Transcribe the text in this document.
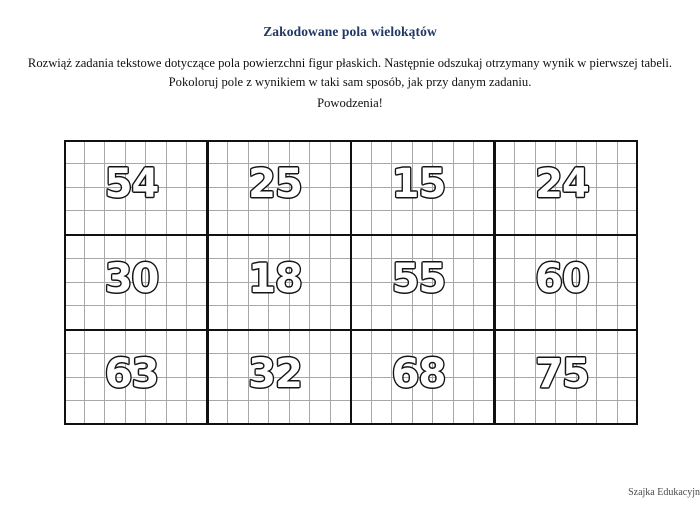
Zakodowane pola wielokątów
Rozwiąż zadania tekstowe dotyczące pola powierzchni figur płaskich. Następnie odszukaj otrzymany wynik w pierwszej tabeli. Pokoloruj pole z wynikiem w taki sam sposób, jak przy danym zadaniu.
Powodzenia!
54 25 15 24
30 18 55 60
63 32 68 75
Szajka Edukacyjn
